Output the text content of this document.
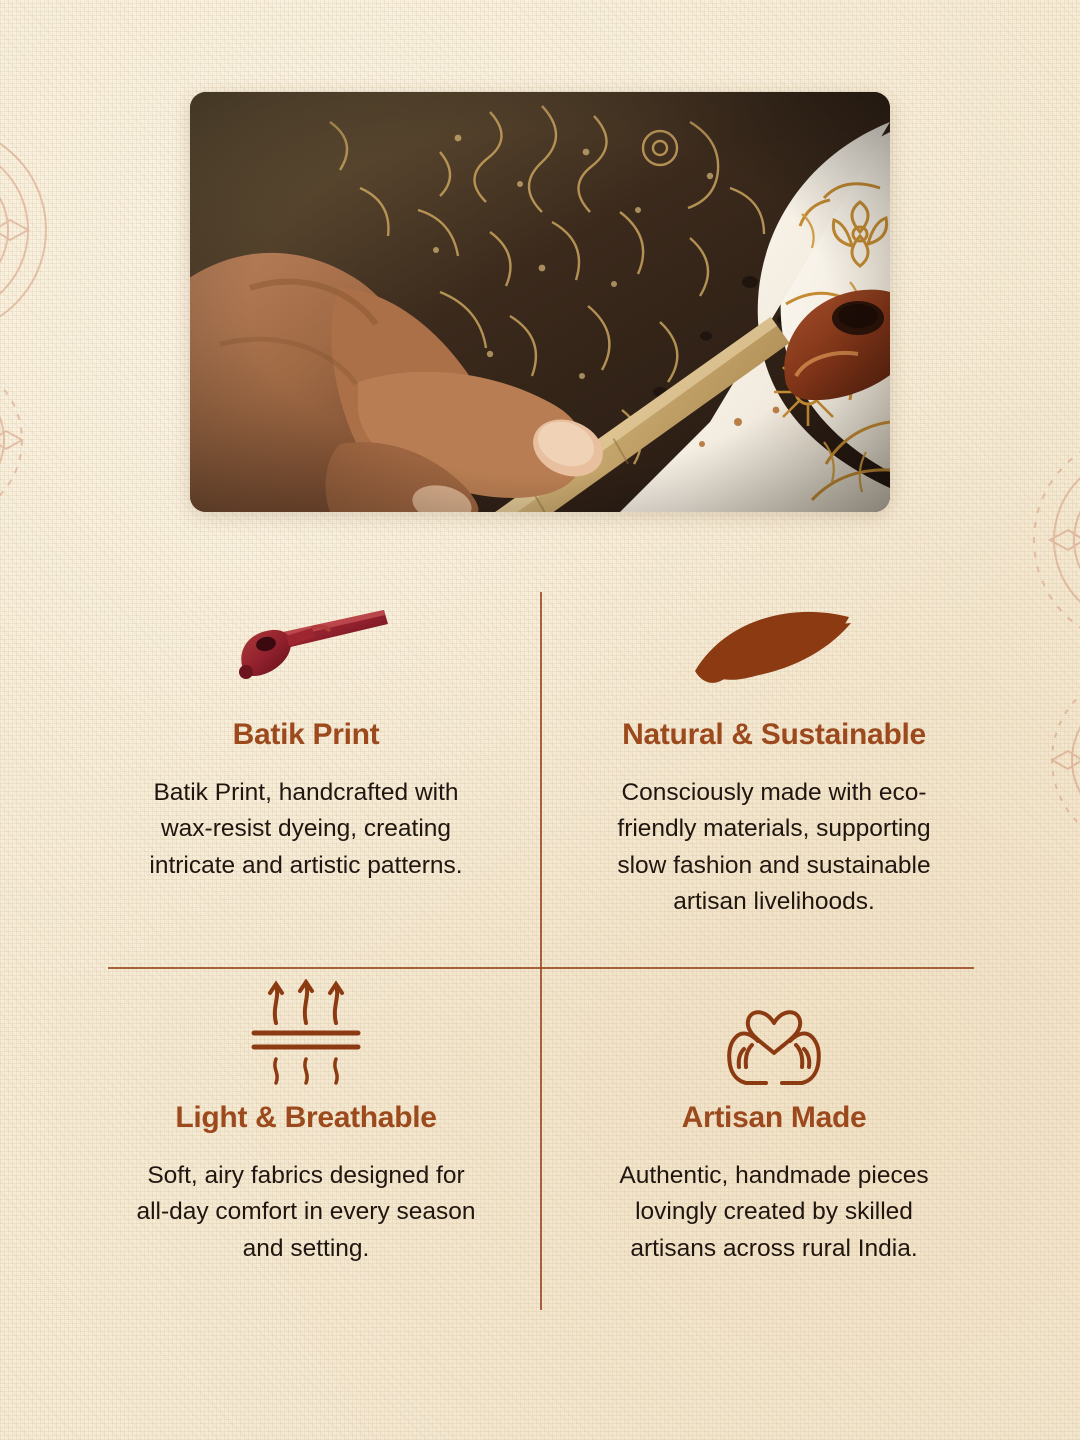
Batik Print

Batik Print, handcrafted with wax-resist dyeing, creating intricate and artistic patterns.

Natural & Sustainable

Consciously made with eco-friendly materials, supporting slow fashion and sustainable artisan livelihoods.

Light & Breathable

Soft, airy fabrics designed for all-day comfort in every season and setting.

Artisan Made

Authentic, handmade pieces lovingly created by skilled artisans across rural India.
